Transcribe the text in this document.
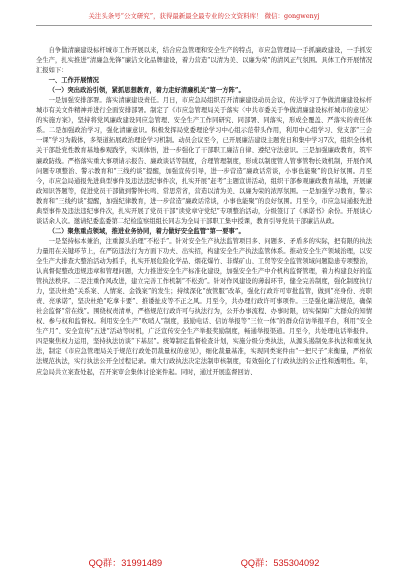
关注头条号“公文研究”，获得最新最全最专业的公文资料库！ 微信：gongwenyj

自争做清廉建设标杆城市工作开展以来，结合应急管理和安全生产的特点，市应急管理局一手抓廉政建设，一手抓安全生产，扎实推进“清廉急先锋”廉洁文化品牌建设，着力营造“以清为美、以廉为荣”的清风正气氛围。具体工作开展情况汇报如下：

一、工作开展情况

（一）突出政治引领，紧抓思想教育，着力走好清廉机关“第一方阵”。

一是加强安排部署。落实清廉建设责任。月日，市应急局组织召开清廉建设动员会议，传达学习了争做清廉建设标杆城市有关文件精神并进行全面安排部署。制定了《市应急管理局关于落实〈中共市委关于争做清廉建设标杆城市的意见〉的实施方案》，坚持将党风廉政建设同应急管理、安全生产工作同研究、同部署、同落实，形成全覆盖、严落实的责任体系。二是加强政治学习，强化清廉意识。积极发挥局党委理论学习中心组示范带头作用，利用中心组学习、党支部“三会一课”学习为载体，多渠道拓展政治理论学习机制。动员会议至今，已开展廉洁建设主题党日和集中学习7次，组织全体机关干部赴党性教育基地参观践学，实训体悟，进一步强化了干部职工廉洁自律、遵纪守法意识。三是加强廉政教育，筑牢廉政防线。严格落实重大事项请示报告、廉政谈话等制度，合理管理制度，形成以制度管人管事管物长效机制，开展作风问题专项整治、警示教育和“三线约谈”提醒，加强宣传引导，进一步营造“廉政话常谈，小事也能聚”的良好氛围。月至今，市应急局通报先进典型事件及违法违纪事件次，扎实开展“赶考”主题宣讲活动，组织干部参观廉政教育基地，开展廉政知识答题等，促进党员干部做到警钟长鸣、常思常省，营造以清为美、以廉为荣的浓厚氛围。一是加强学习教育，警示教育和“三线约谈”提醒，加强纪律教育，进一步营造“廉政话常谈，小事也能聚”的良好氛围。月至今，市应急局通报先进典型事件及违法违纪事件次，扎实开展了党员干部“读党章守党纪”专项整治活动，分级签订了《承诺书》余份。开展谈心谈话余人次。邀请纪委监委第二纪检监察组组长同志为全局干部职工集中授课，教育引导党员干部廉洁从政。

（二）聚焦重点领域，推进业务协同，着力做好安全监管“第一要事”。

一是坚持标本兼治，注重源头治理“不松手”。针对安全生产执法监管项目多、问题多、矛盾多的实际，把有限的执法力量用在关键环节上，在严防违法行为方面下功夫、出实招，构建安全生产执法监管体系。推动安全生产领域治理，以安全生产大排查大整治活动为抓手，扎实开展危险化学品、烟花爆竹、非煤矿山、工贸等安全监管领域问题隐患专项整治，认真督促整改违规违章和管理问题，大力推进安全生产标准化建设，加强安全生产中介机构监督管理，着力构建良好的监管执法秩序。二是注重作风改进，建立完善工作机制“不松劲”。针对作风建设的薄弱环节，健全完善制度，强化制度执行力，坚决杜绝“关系案、人情案、金钱案”的发生；持续深化“放管服”改革，强化行政许可审批监管，做到“亮身份、亮职责、亮承诺”，坚决杜绝“吃拿卡要”、推诿扯皮等不正之风。月至今，共办理行政许可事项件。三是强化廉洁规范，确保社会监督“常在线”。围绕权责清单，严格规范行政许可与执法行为，公开办事流程、办事时限，切实保障广大群众的知情权、参与权和监督权。利用安全生产“吹哨人”制度，鼓励电话、信访举报等“三位一体”的群众信访举报平台，利用“安全生产月”、安全宣传“五进”活动等时机，广泛宣传安全生产举报奖励制度，畅通举报渠道。月至今，共处理电话举报件。四是聚焦权力运用，坚持执法访谈“下基层”。统筹制定监督检查计划，实施分级分类执法，从源头遏制免多执法和重复执法，制定《市应急管理局关于规范行政处罚裁量权的意见》，细化裁量基准，实现同类案件由“一把尺子”来衡量，严格依法规范执法，实行执法公开全过程记录。重大行政执法决定法制审核制度，有效强化了行政执法的公正性和透明性。年，应急局共立案查处起，召开案审会集体讨论案件起。同时，通过开展监督回访、

QQ群：31991489	QQ群：535304092
